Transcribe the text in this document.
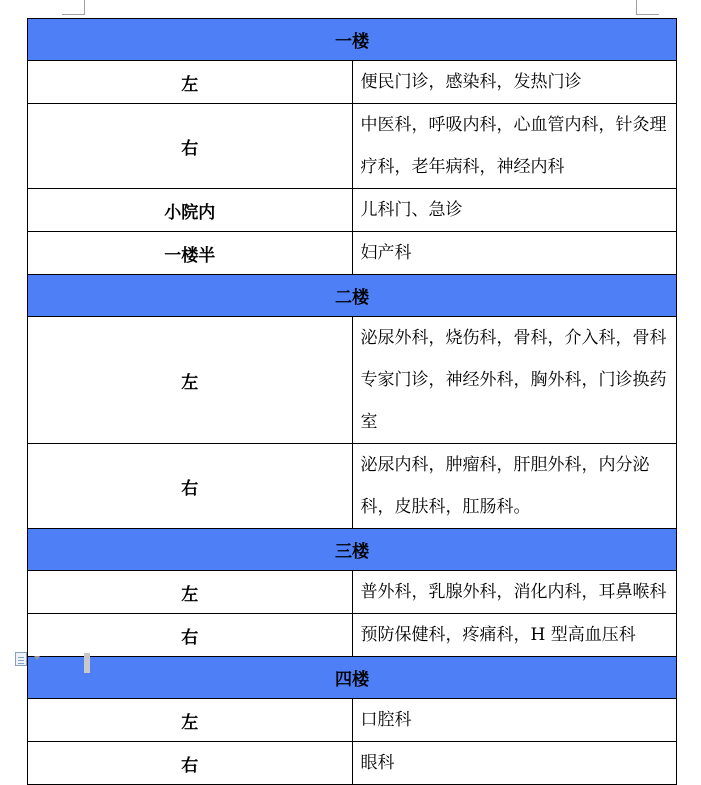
一楼	
左	便民门诊，感染科，发热门诊
右	中医科，呼吸内科，心血管内科，针灸理疗科，老年病科，神经内科
小院内	儿科门、急诊
一楼半	妇产科
二楼	
左	泌尿外科，烧伤科，骨科，介入科，骨科专家门诊，神经外科，胸外科，门诊换药室
右	泌尿内科，肿瘤科，肝胆外科，内分泌科，皮肤科，肛肠科。
三楼	
左	普外科，乳腺外科，消化内科，耳鼻喉科
右	预防保健科，疼痛科，H 型高血压科
四楼	
左	口腔科
右	眼科
